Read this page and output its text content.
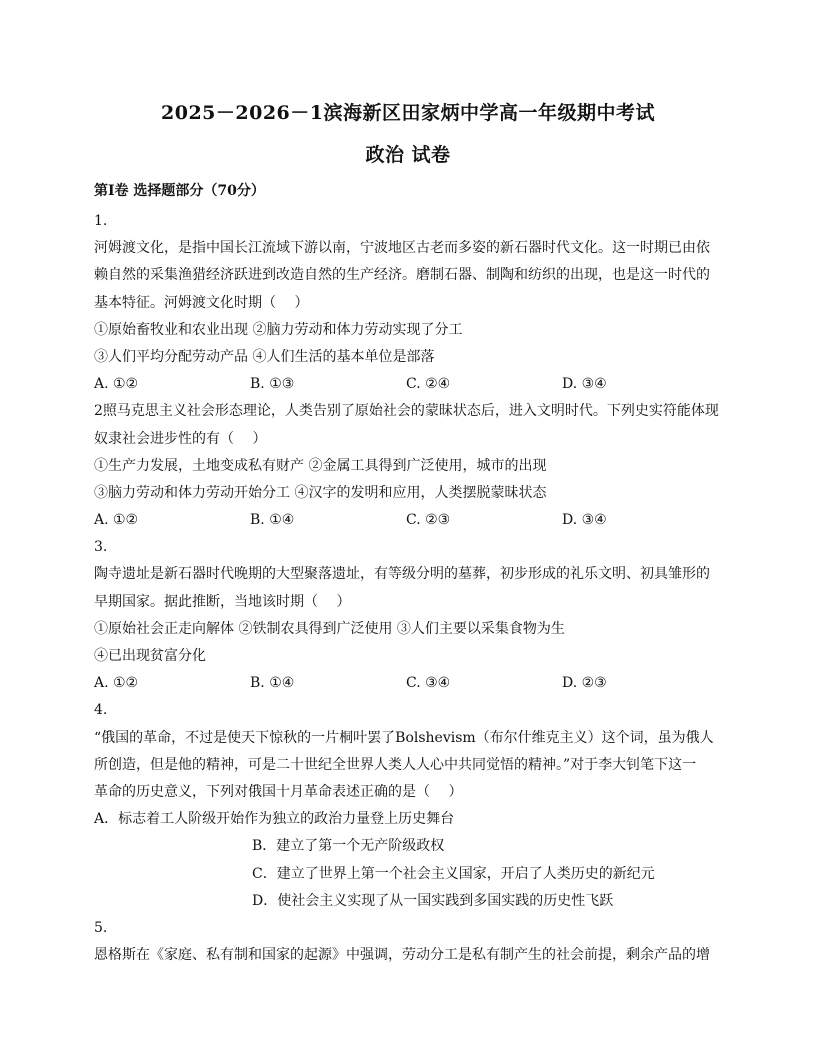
2025－2026－1滨海新区田家炳中学高一年级期中考试
政治 试卷
第Ⅰ卷 选择题部分（70分）
1.
河姆渡文化，是指中国长江流域下游以南，宁波地区古老而多姿的新石器时代文化。这一时期已由依
赖自然的采集渔猎经济跃进到改造自然的生产经济。磨制石器、制陶和纺织的出现，也是这一时代的
基本特征。河姆渡文化时期（　 ）
①原始畜牧业和农业出现 ②脑力劳动和体力劳动实现了分工
③人们平均分配劳动产品 ④人们生活的基本单位是部落
A. ①②	B. ①③	C. ②④	D. ③④
2照马克思主义社会形态理论，人类告别了原始社会的蒙昧状态后，进入文明时代。下列史实符能体现
奴隶社会进步性的有（　 ）
①生产力发展，土地变成私有财产 ②金属工具得到广泛使用，城市的出现
③脑力劳动和体力劳动开始分工 ④汉字的发明和应用，人类摆脱蒙昧状态
A. ①②	B. ①④	C. ②③	D. ③④
3.
陶寺遗址是新石器时代晚期的大型聚落遗址，有等级分明的墓葬，初步形成的礼乐文明、初具雏形的
早期国家。据此推断，当地该时期（　 ）
①原始社会正走向解体 ②铁制农具得到广泛使用 ③人们主要以采集食物为生
④已出现贫富分化
A. ①②	B. ①④	C. ③④	D. ②③
4.
“俄国的革命，不过是使天下惊秋的一片桐叶罢了Bolshevism（布尔什维克主义）这个词，虽为俄人
所创造，但是他的精神，可是二十世纪全世界人类人人心中共同觉悟的精神。”对于李大钊笔下这一
革命的历史意义，下列对俄国十月革命表述正确的是（　 ）
A．标志着工人阶级开始作为独立的政治力量登上历史舞台
B．建立了第一个无产阶级政权
C．建立了世界上第一个社会主义国家，开启了人类历史的新纪元
D．使社会主义实现了从一国实践到多国实践的历史性飞跃
5.
恩格斯在《家庭、私有制和国家的起源》中强调，劳动分工是私有制产生的社会前提，剩余产品的增
